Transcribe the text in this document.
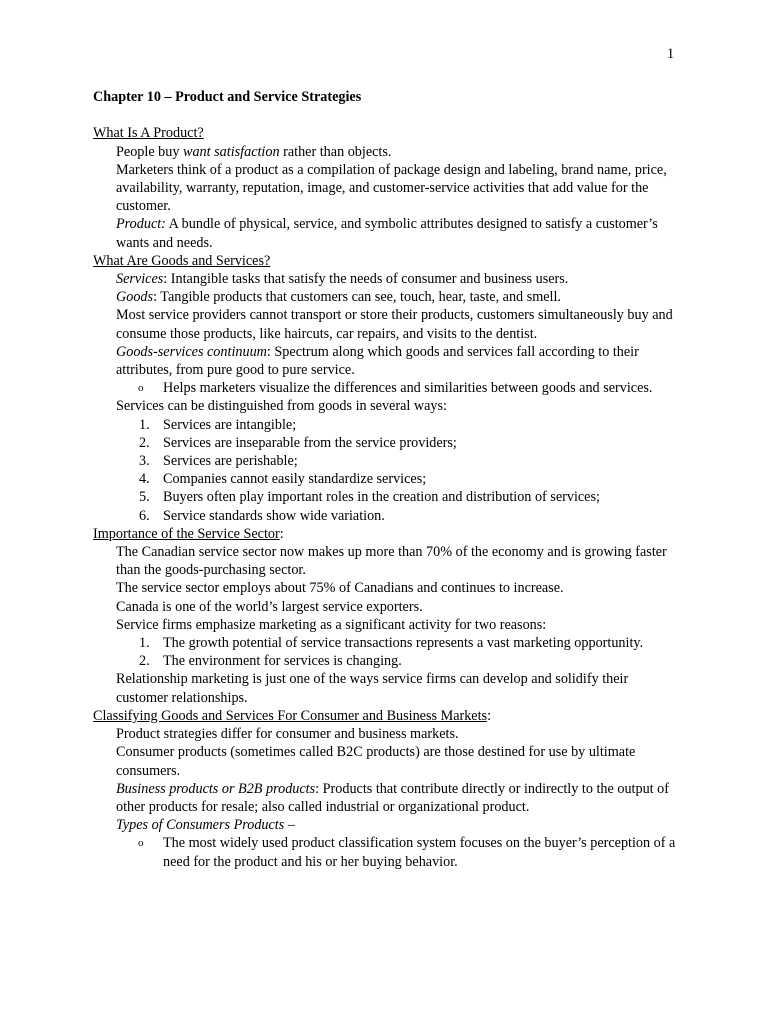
1
Chapter 10 – Product and Service Strategies
What Is A Product?
People buy want satisfaction rather than objects.
Marketers think of a product as a compilation of package design and labeling, brand name, price, availability, warranty, reputation, image, and customer-service activities that add value for the customer.
Product: A bundle of physical, service, and symbolic attributes designed to satisfy a customer’s wants and needs.
What Are Goods and Services?
Services: Intangible tasks that satisfy the needs of consumer and business users.
Goods: Tangible products that customers can see, touch, hear, taste, and smell.
Most service providers cannot transport or store their products, customers simultaneously buy and consume those products, like haircuts, car repairs, and visits to the dentist.
Goods-services continuum: Spectrum along which goods and services fall according to their attributes, from pure good to pure service.
o Helps marketers visualize the differences and similarities between goods and services.
Services can be distinguished from goods in several ways:
1. Services are intangible;
2. Services are inseparable from the service providers;
3. Services are perishable;
4. Companies cannot easily standardize services;
5. Buyers often play important roles in the creation and distribution of services;
6. Service standards show wide variation.
Importance of the Service Sector:
The Canadian service sector now makes up more than 70% of the economy and is growing faster than the goods-purchasing sector.
The service sector employs about 75% of Canadians and continues to increase.
Canada is one of the world’s largest service exporters.
Service firms emphasize marketing as a significant activity for two reasons:
1. The growth potential of service transactions represents a vast marketing opportunity.
2. The environment for services is changing.
Relationship marketing is just one of the ways service firms can develop and solidify their customer relationships.
Classifying Goods and Services For Consumer and Business Markets:
Product strategies differ for consumer and business markets.
Consumer products (sometimes called B2C products) are those destined for use by ultimate consumers.
Business products or B2B products: Products that contribute directly or indirectly to the output of other products for resale; also called industrial or organizational product.
Types of Consumers Products –
o The most widely used product classification system focuses on the buyer’s perception of a need for the product and his or her buying behavior.
